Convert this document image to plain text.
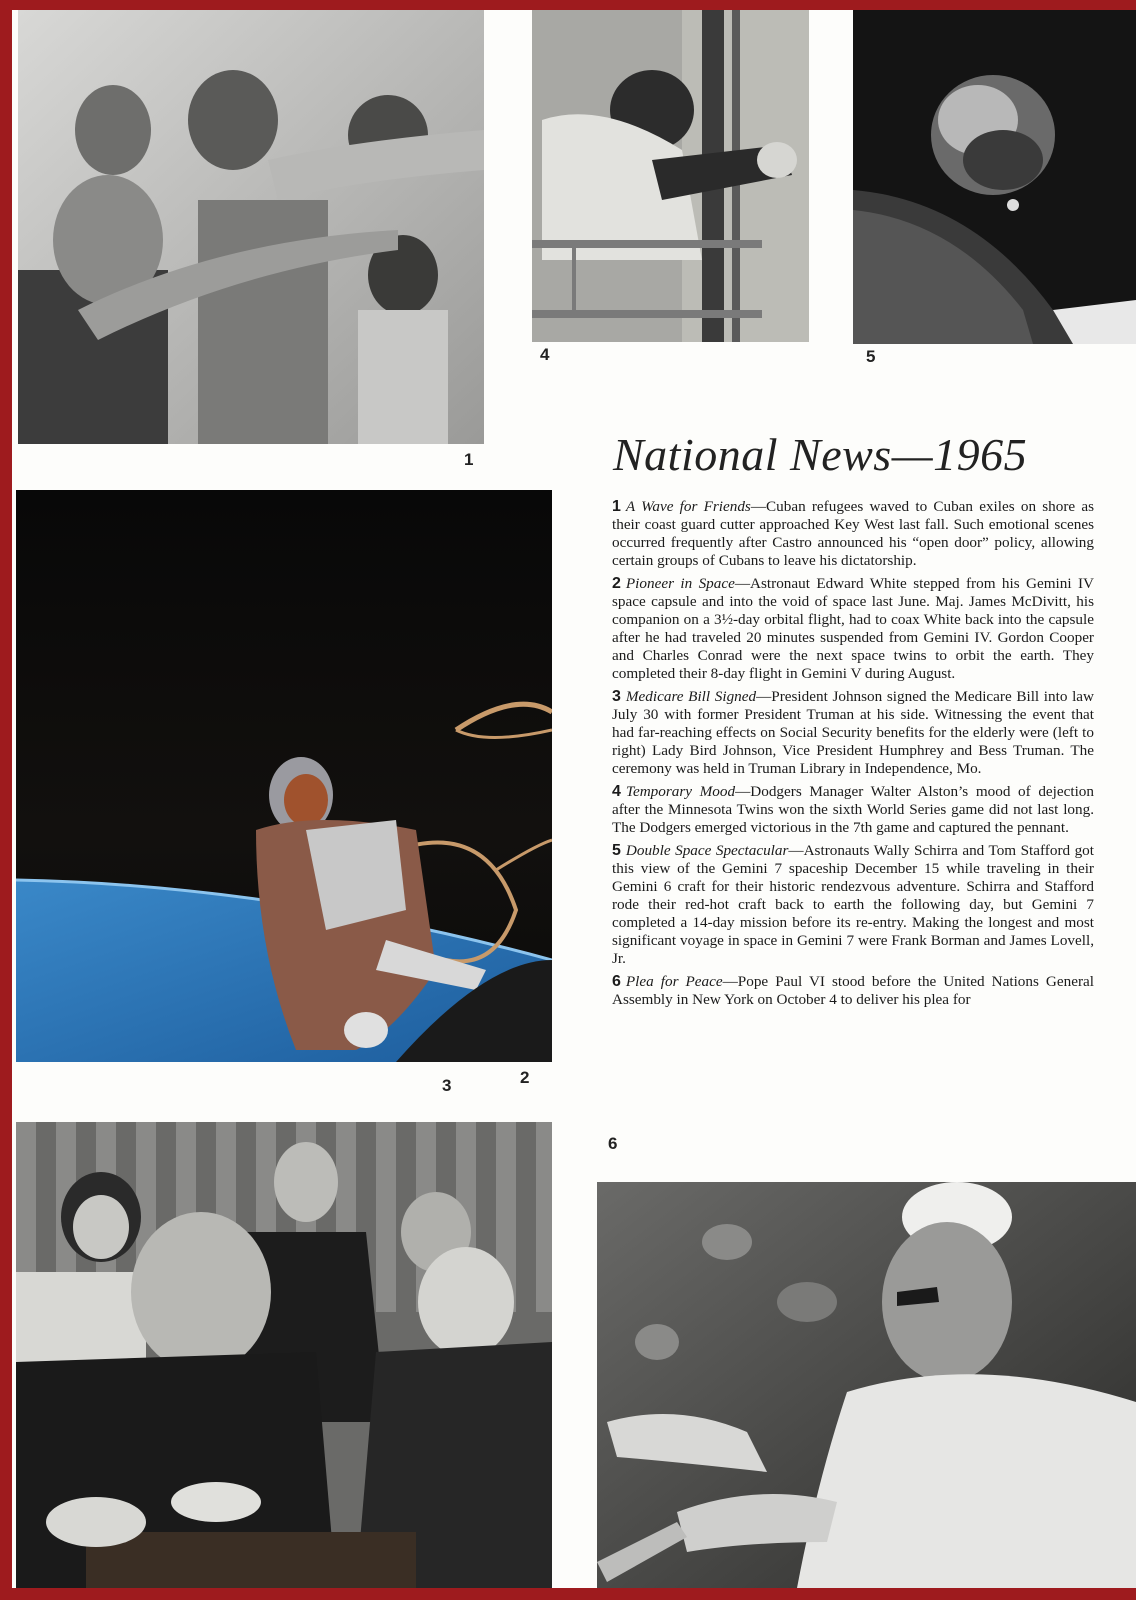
1
4	5
National News—1965
2
3

1 A Wave for Friends—Cuban refugees waved to Cuban exiles on shore as their coast guard cutter approached Key West last fall. Such emotional scenes occurred frequently after Castro announced his “open door” policy, allowing certain groups of Cubans to leave his dictatorship.

2 Pioneer in Space—Astronaut Edward White stepped from his Gemini IV space capsule and into the void of space last June. Maj. James McDivitt, his companion on a 3½-day orbital flight, had to coax White back into the capsule after he had traveled 20 minutes suspended from Gemini IV. Gordon Cooper and Charles Conrad were the next space twins to orbit the earth. They completed their 8-day flight in Gemini V during August.

3 Medicare Bill Signed—President Johnson signed the Medicare Bill into law July 30 with former President Truman at his side. Witnessing the event that had far-reaching effects on Social Security benefits for the elderly were (left to right) Lady Bird Johnson, Vice President Humphrey and Bess Truman. The ceremony was held in Truman Library in Independence, Mo.

4 Temporary Mood—Dodgers Manager Walter Alston’s mood of dejection after the Minnesota Twins won the sixth World Series game did not last long. The Dodgers emerged victorious in the 7th game and captured the pennant.

5 Double Space Spectacular—Astronauts Wally Schirra and Tom Stafford got this view of the Gemini 7 spaceship December 15 while traveling in their Gemini 6 craft for their historic rendezvous adventure. Schirra and Stafford rode their red-hot craft back to earth the following day, but Gemini 7 completed a 14-day mission before its re-entry. Making the longest and most significant voyage in space in Gemini 7 were Frank Borman and James Lovell, Jr.

6 Plea for Peace—Pope Paul VI stood before the United Nations General Assembly in New York on October 4 to deliver his plea for

6
